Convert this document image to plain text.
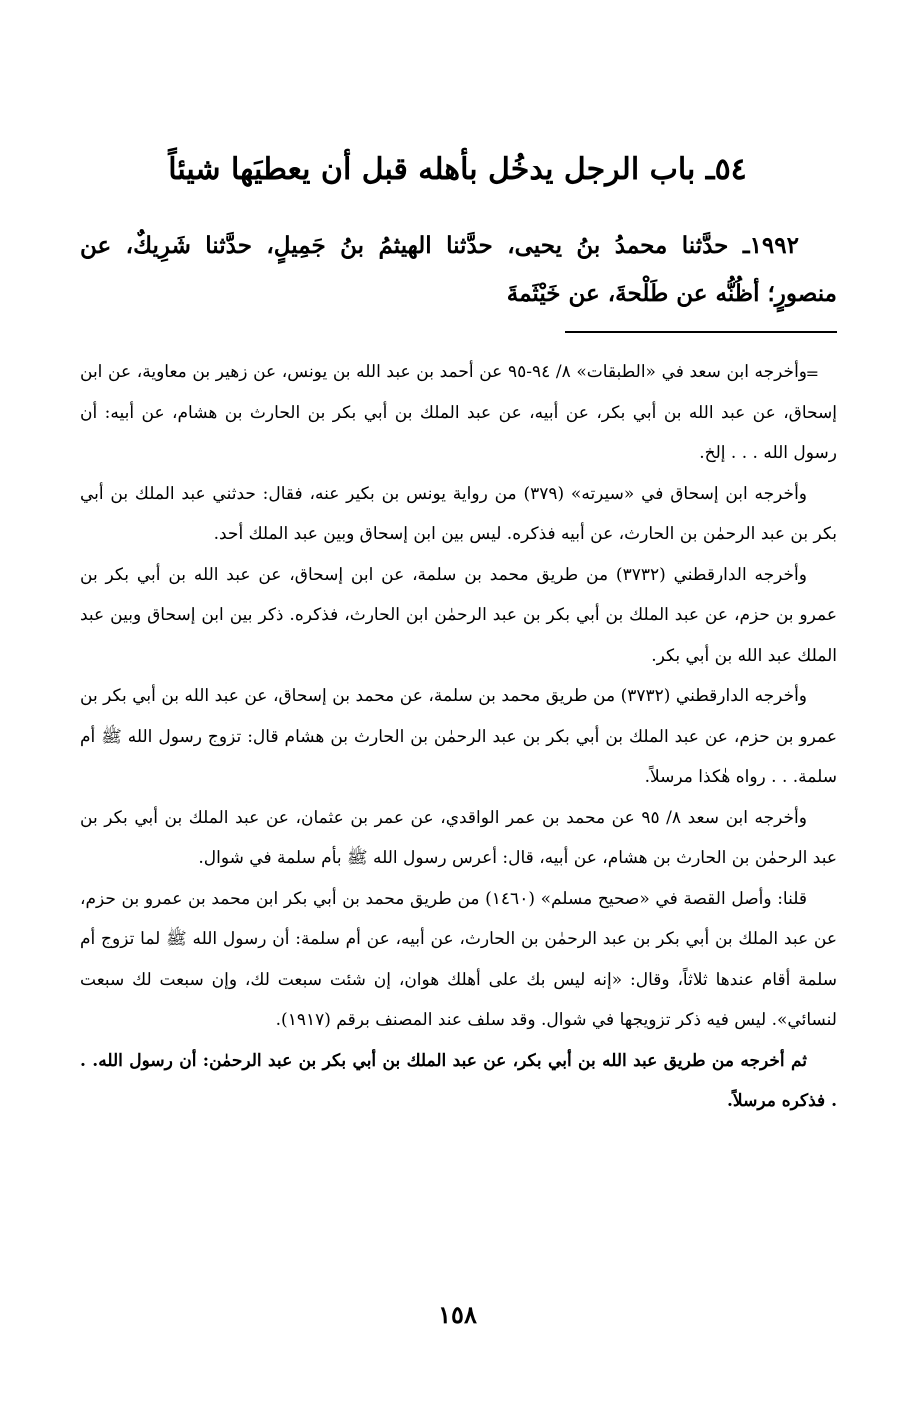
٥٤ـ باب الرجل يدخُل بأهله قبل أن يعطيَها شيئاً

١٩٩٢ـ حدَّثنا محمدُ بنُ يحيى، حدَّثنا الهيثمُ بنُ جَمِيلٍ، حدَّثنا شَرِيكٌ، عن منصورٍ؛ أظُنُّه عن طَلْحةَ، عن خَيْثَمةَ

=

وأخرجه ابن سعد في «الطبقات» ٨/ ٩٤-٩٥ عن أحمد بن عبد الله بن يونس، عن زهير بن معاوية، عن ابن إسحاق، عن عبد الله بن أبي بكر، عن أبيه، عن عبد الملك بن أبي بكر بن الحارث بن هشام، عن أبيه: أن رسول الله . . . إلخ.

وأخرجه ابن إسحاق في «سيرته» (٣٧٩) من رواية يونس بن بكير عنه، فقال: حدثني عبد الملك بن أبي بكر بن عبد الرحمٰن بن الحارث، عن أبيه فذكره. ليس بين ابن إسحاق وبين عبد الملك أحد.

وأخرجه الدارقطني (٣٧٣٢) من طريق محمد بن سلمة، عن ابن إسحاق، عن عبد الله بن أبي بكر بن عمرو بن حزم، عن عبد الملك بن أبي بكر بن عبد الرحمٰن ابن الحارث، فذكره. ذكر بين ابن إسحاق وبين عبد الملك عبد الله بن أبي بكر.

وأخرجه الدارقطني (٣٧٣٢) من طريق محمد بن سلمة، عن محمد بن إسحاق، عن عبد الله بن أبي بكر بن عمرو بن حزم، عن عبد الملك بن أبي بكر بن عبد الرحمٰن بن الحارث بن هشام قال: تزوج رسول الله ﷺ أم سلمة. . . رواه هٰكذا مرسلاً.

وأخرجه ابن سعد ٨/ ٩٥ عن محمد بن عمر الواقدي، عن عمر بن عثمان، عن عبد الملك بن أبي بكر بن عبد الرحمٰن بن الحارث بن هشام، عن أبيه، قال: أعرس رسول الله ﷺ بأم سلمة في شوال.

قلنا: وأصل القصة في «صحيح مسلم» (١٤٦٠) من طريق محمد بن أبي بكر ابن محمد بن عمرو بن حزم، عن عبد الملك بن أبي بكر بن عبد الرحمٰن بن الحارث، عن أبيه، عن أم سلمة: أن رسول الله ﷺ لما تزوج أم سلمة أقام عندها ثلاثاً، وقال: «إنه ليس بك على أهلك هوان، إن شئت سبعت لك، وإن سبعت لك سبعت لنسائي». ليس فيه ذكر تزويجها في شوال. وقد سلف عند المصنف برقم (١٩١٧).

ثم أخرجه من طريق عبد الله بن أبي بكر، عن عبد الملك بن أبي بكر بن عبد الرحمٰن: أن رسول الله. . . فذكره مرسلاً.

١٥٨
